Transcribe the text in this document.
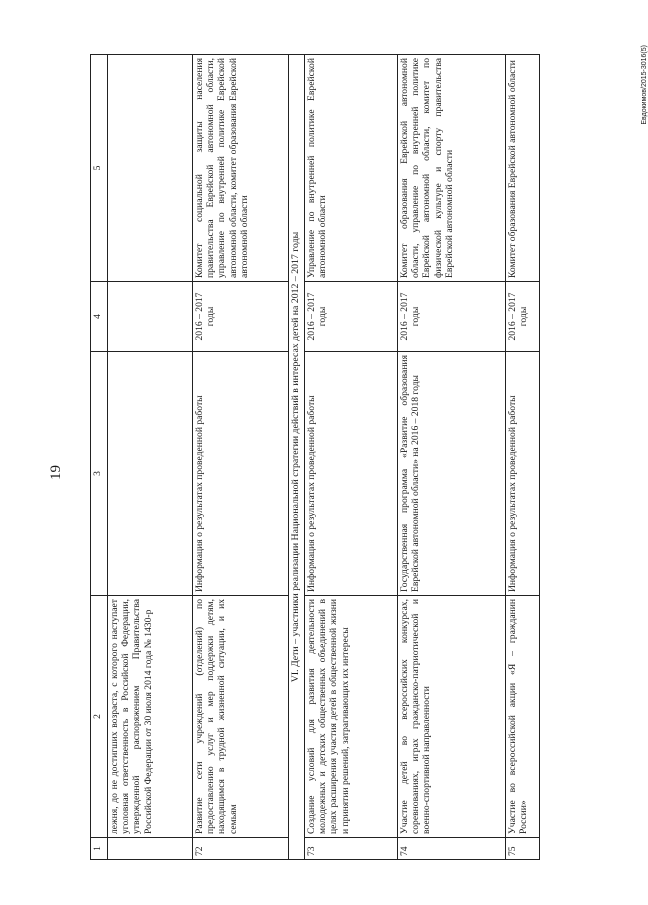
19
1	2	3	4	5
	лежня, до не достигших возраста, с которого наступает уголовная ответственность в Российской Федерации, утвержденной распоряжением Правительства Российской Федерации от 30 июля 2014 года № 1430-р			
72	Развитие сети учреждений (отделений) по предоставлению услуг и мер поддержки детям, находящимся в трудной жизненной ситуации, и их семьям	Информация о результатах проведенной работы	2016 – 2017 годы	Комитет социальной защиты населения правительства Еврейской автономной области, управление по внутренней политике Еврейской автономной области, комитет образования Еврейской автономной области
VI. Дети – участники реализации Национальной стратегии действий в интересах детей на 2012 – 2017 годы				
73	Создание условий для развития деятельности молодежных и детских общественных объединений в целях расширения участия детей в общественной жизни и принятии решений, затрагивающих их интересы	Информация о результатах проведенной работы	2016 – 2017 годы	Управление по внутренней политике Еврейской автономной области
74	Участие детей во всероссийских конкурсах, соревнованиях, играх гражданско-патриотической и военно-спортивной направленности	Государственная программа «Развитие образования Еврейской автономной области» на 2016 – 2018 годы	2016 – 2017 годы	Комитет образования Еврейской автономной области, управление по внутренней политике Еврейской автономной области, комитет по физической культуре и спорту правительства Еврейской автономной области
75	Участие во всероссийской акции «Я – гражданин России»	Информация о результатах проведенной работы	2016 – 2017 годы	Комитет образования Еврейской автономной области	Евдокимов/2015-3016(5)
